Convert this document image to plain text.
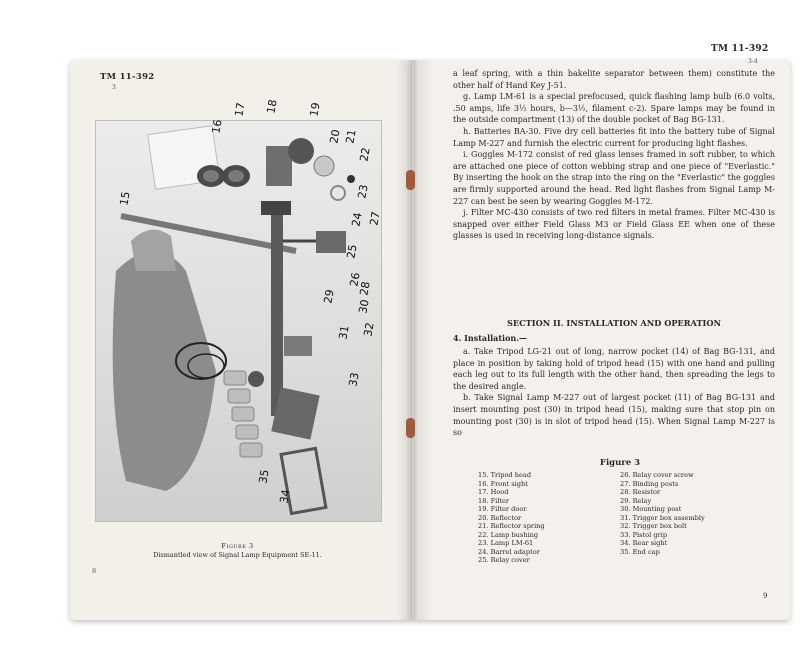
TM 11-392
3
15
16
17 18	19
20 21
22
23
24
25
26
27
28
29
30
31 32
33
34
35
Figure 3
Dismantled view of Signal Lamp Equipment SE-11.
8
TM 11-392
3-4

a leaf spring, with a thin bakelite separator between them) constitute the other half of Hand Key J-51.

g. Lamp LM-61 is a special prefocused, quick flashing lamp bulb (6.0 volts, .50 amps, life 3½ hours, b—3½, filament c-2). Spare lamps may be found in the outside compartment (13) of the double pocket of Bag BG-131.

h. Batteries BA-30. Five dry cell batteries fit into the battery tube of Signal Lamp M-227 and furnish the electric current for producing light flashes.

i. Goggles M-172 consist of red glass lenses framed in soft rubber, to which are attached one piece of cotton webbing strap and one piece of "Everlastic." By inserting the hook on the strap into the ring on the "Everlastic" the goggles are firmly supported around the head. Red light flashes from Signal Lamp M-227 can best be seen by wearing Goggles M-172.

j. Filter MC-430 consists of two red filters in metal frames. Filter MC-430 is snapped over either Field Glass M3 or Field Glass EE when one of these glasses is used in receiving long-distance signals.

SECTION II. INSTALLATION AND OPERATION
4. Installation.—

a. Take Tripod LG-21 out of long, narrow pocket (14) of Bag BG-131, and place in position by taking hold of tripod head (15) with one hand and pulling each leg out to its full length with the other hand, then spreading the legs to the desired angle.

b. Take Signal Lamp M-227 out of largest pocket (11) of Bag BG-131 and insert mounting post (30) in tripod head (15), making sure that stop pin on mounting post (30) is in slot of tripod head (15). When Signal Lamp M-227 is so

Figure 3
15. Tripod head
16. Front sight
17. Hood
18. Filter
19. Filter door
20. Reflector
21. Reflector spring
22. Lamp bushing
23. Lamp LM-61
24. Barrel adaptor
25. Relay cover
26. Relay cover screw
27. Binding posts
28. Resistor
29. Relay
30. Mounting post
31. Trigger box assembly
32. Trigger box bolt
33. Pistol grip
34. Rear sight
35. End cap
9
